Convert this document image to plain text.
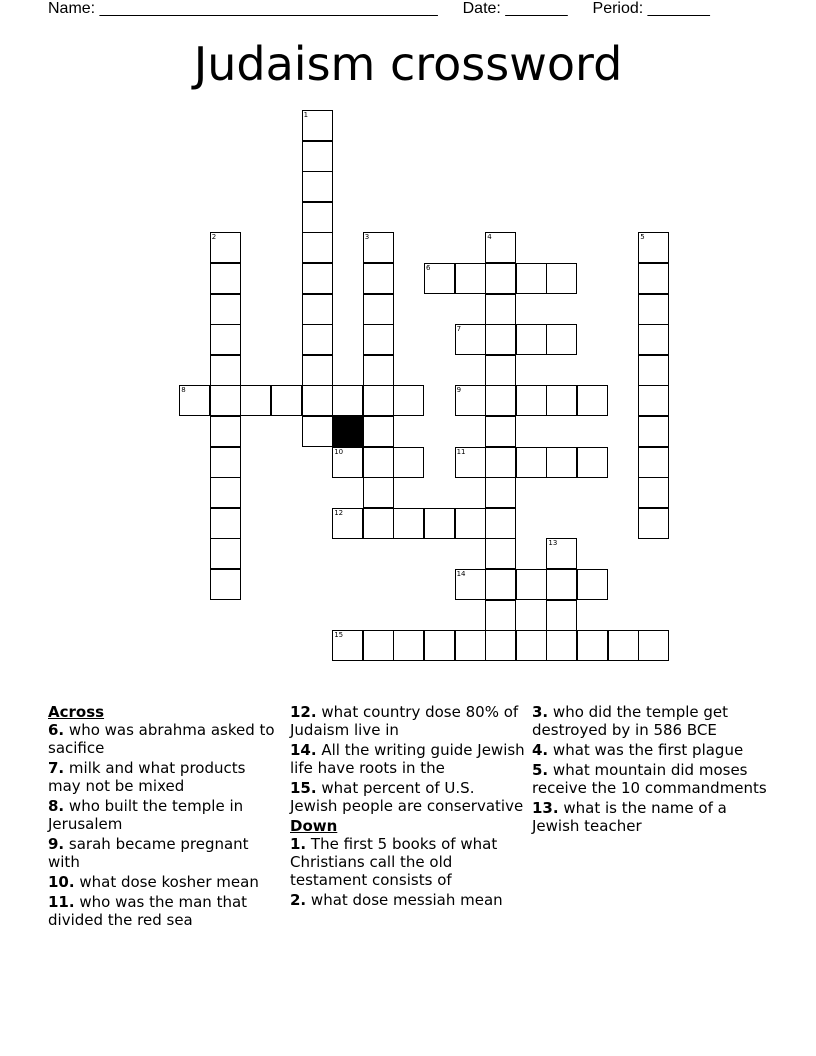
Name: ______________________________________ Date: _______ Period: _______
Judaism crossword
1
2	3	4	5
6
7
8	9
10	11
12
13
14
15
Across
6. who was abrahma asked to sacifice
7. milk and what products may not be mixed
8. who built the temple in Jerusalem
9. sarah became pregnant with
10. what dose kosher mean
11. who was the man that divided the red sea
12. what country dose 80% of Judaism live in
14. All the writing guide Jewish life have roots in the
15. what percent of U.S. Jewish people are conservative
Down
1. The first 5 books of what Christians call the old testament consists of
2. what dose messiah mean
3. who did the temple get destroyed by in 586 BCE
4. what was the first plague
5. what mountain did moses receive the 10 commandments
13. what is the name of a Jewish teacher
